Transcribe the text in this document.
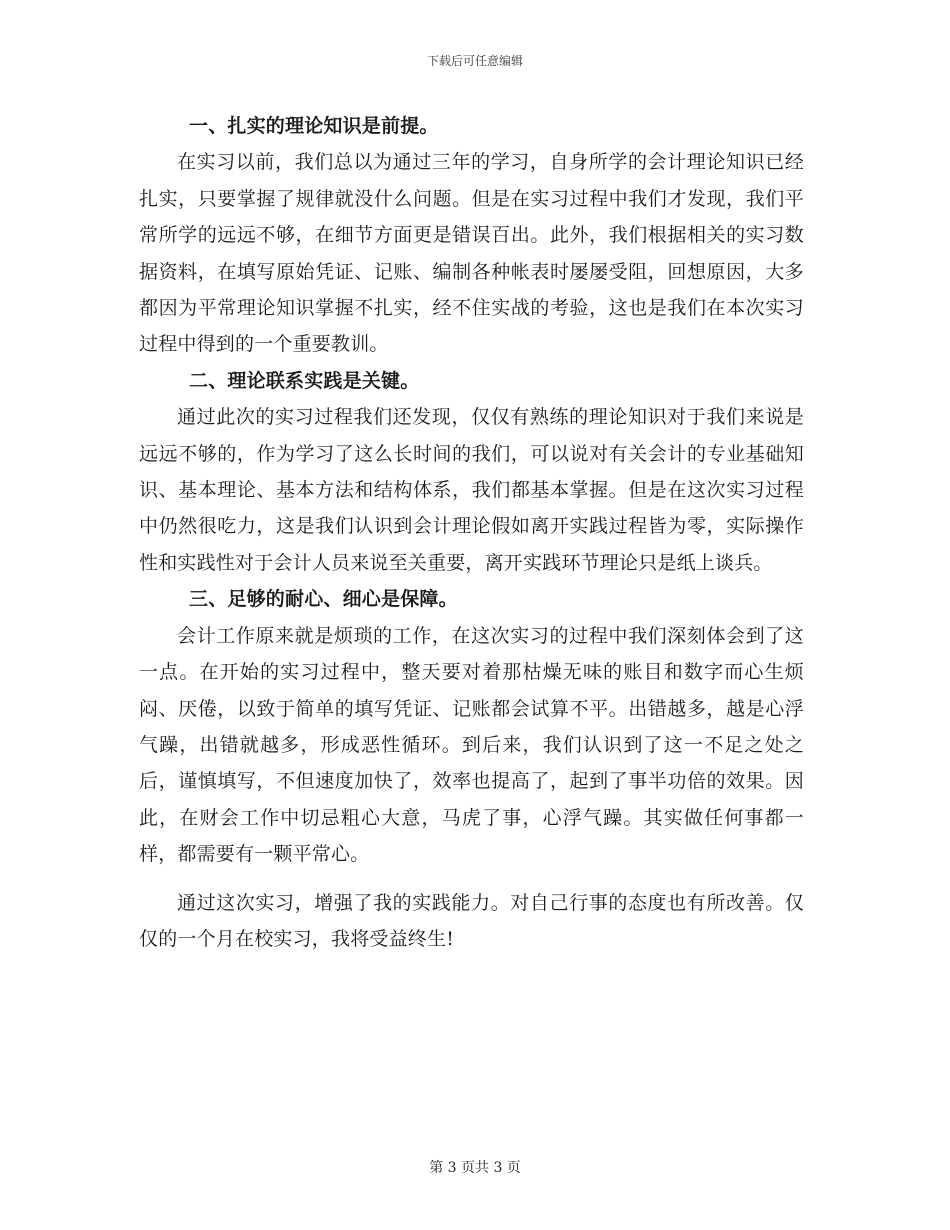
下载后可任意编辑

一、扎实的理论知识是前提。

在实习以前，我们总以为通过三年的学习，自身所学的会计理论知识已经扎实，只要掌握了规律就没什么问题。但是在实习过程中我们才发现，我们平常所学的远远不够，在细节方面更是错误百出。此外，我们根据相关的实习数据资料，在填写原始凭证、记账、编制各种帐表时屡屡受阻，回想原因，大多都因为平常理论知识掌握不扎实，经不住实战的考验，这也是我们在本次实习过程中得到的一个重要教训。

二、理论联系实践是关键。

通过此次的实习过程我们还发现，仅仅有熟练的理论知识对于我们来说是远远不够的，作为学习了这么长时间的我们，可以说对有关会计的专业基础知识、基本理论、基本方法和结构体系，我们都基本掌握。但是在这次实习过程中仍然很吃力，这是我们认识到会计理论假如离开实践过程皆为零，实际操作性和实践性对于会计人员来说至关重要，离开实践环节理论只是纸上谈兵。

三、足够的耐心、细心是保障。

会计工作原来就是烦琐的工作，在这次实习的过程中我们深刻体会到了这一点。在开始的实习过程中，整天要对着那枯燥无味的账目和数字而心生烦闷、厌倦，以致于简单的填写凭证、记账都会试算不平。出错越多，越是心浮气躁，出错就越多，形成恶性循环。到后来，我们认识到了这一不足之处之后，谨慎填写，不但速度加快了，效率也提高了，起到了事半功倍的效果。因此，在财会工作中切忌粗心大意，马虎了事，心浮气躁。其实做任何事都一样，都需要有一颗平常心。

通过这次实习，增强了我的实践能力。对自己行事的态度也有所改善。仅仅的一个月在校实习，我将受益终生!

第 3 页共 3 页
